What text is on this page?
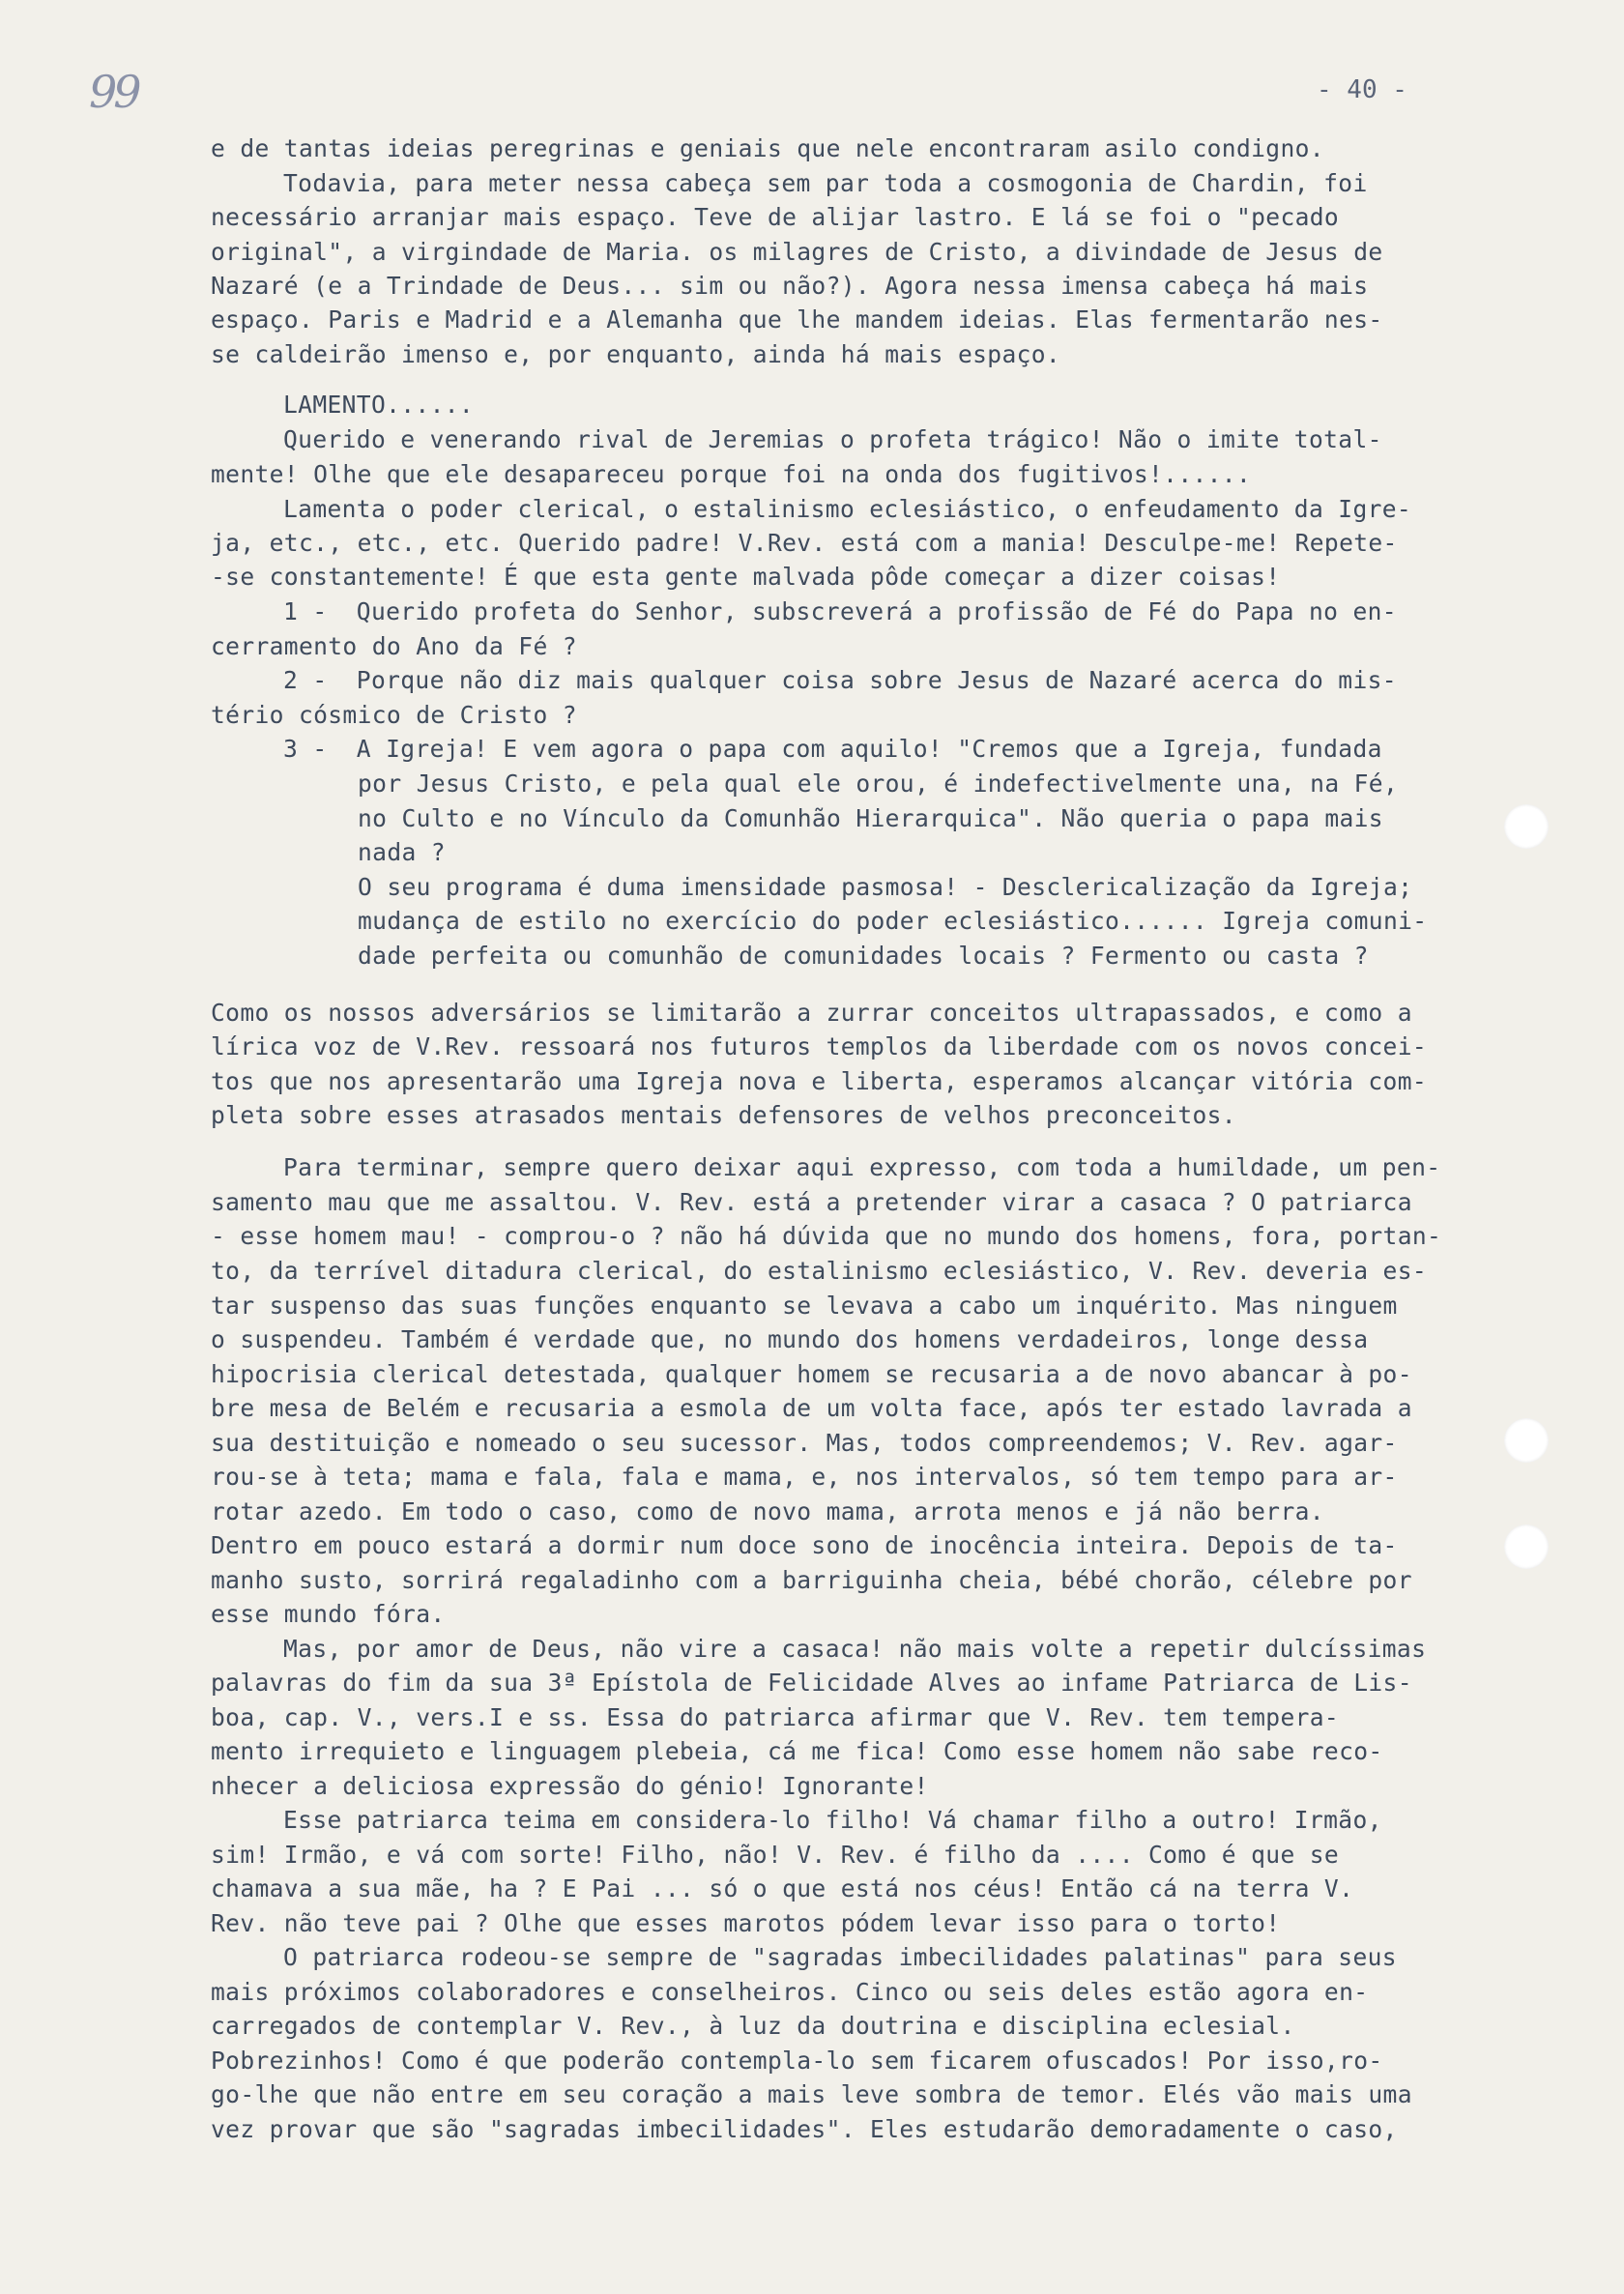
99	- 40 -
e de tantas ideias peregrinas e geniais que nele encontraram asilo condigno.
Todavia, para meter nessa cabeça sem par toda a cosmogonia de Chardin, foi
necessário arranjar mais espaço. Teve de alijar lastro. E lá se foi o "pecado
original", a virgindade de Maria. os milagres de Cristo, a divindade de Jesus de
Nazaré (e a Trindade de Deus... sim ou não?). Agora nessa imensa cabeça há mais
espaço. Paris e Madrid e a Alemanha que lhe mandem ideias. Elas fermentarão nes-
se caldeirão imenso e, por enquanto, ainda há mais espaço.
LAMENTO......
Querido e venerando rival de Jeremias o profeta trágico! Não o imite total-
mente! Olhe que ele desapareceu porque foi na onda dos fugitivos!......
Lamenta o poder clerical, o estalinismo eclesiástico, o enfeudamento da Igre-
ja, etc., etc., etc. Querido padre! V.Rev. está com a mania! Desculpe-me! Repete-
-se constantemente! É que esta gente malvada pôde começar a dizer coisas!
1 -  Querido profeta do Senhor, subscreverá a profissão de Fé do Papa no en-
cerramento do Ano da Fé ?
2 -  Porque não diz mais qualquer coisa sobre Jesus de Nazaré acerca do mis-
tério cósmico de Cristo ?
3 -  A Igreja! E vem agora o papa com aquilo! "Cremos que a Igreja, fundada
por Jesus Cristo, e pela qual ele orou, é indefectivelmente una, na Fé,
no Culto e no Vínculo da Comunhão Hierarquica". Não queria o papa mais
nada ?
O seu programa é duma imensidade pasmosa! - Desclericalização da Igreja;
mudança de estilo no exercício do poder eclesiástico...... Igreja comuni-
dade perfeita ou comunhão de comunidades locais ? Fermento ou casta ?
Como os nossos adversários se limitarão a zurrar conceitos ultrapassados, e como a
lírica voz de V.Rev. ressoará nos futuros templos da liberdade com os novos concei-
tos que nos apresentarão uma Igreja nova e liberta, esperamos alcançar vitória com-
pleta sobre esses atrasados mentais defensores de velhos preconceitos.
Para terminar, sempre quero deixar aqui expresso, com toda a humildade, um pen-
samento mau que me assaltou. V. Rev. está a pretender virar a casaca ? O patriarca
- esse homem mau! - comprou-o ? não há dúvida que no mundo dos homens, fora, portan-
to, da terrível ditadura clerical, do estalinismo eclesiástico, V. Rev. deveria es-
tar suspenso das suas funções enquanto se levava a cabo um inquérito. Mas ninguem
o suspendeu. Também é verdade que, no mundo dos homens verdadeiros, longe dessa
hipocrisia clerical detestada, qualquer homem se recusaria a de novo abancar à po-
bre mesa de Belém e recusaria a esmola de um volta face, após ter estado lavrada a
sua destituição e nomeado o seu sucessor. Mas, todos compreendemos; V. Rev. agar-
rou-se à teta; mama e fala, fala e mama, e, nos intervalos, só tem tempo para ar-
rotar azedo. Em todo o caso, como de novo mama, arrota menos e já não berra.
Dentro em pouco estará a dormir num doce sono de inocência inteira. Depois de ta-
manho susto, sorrirá regaladinho com a barriguinha cheia, bébé chorão, célebre por
esse mundo fóra.
Mas, por amor de Deus, não vire a casaca! não mais volte a repetir dulcíssimas
palavras do fim da sua 3ª Epístola de Felicidade Alves ao infame Patriarca de Lis-
boa, cap. V., vers.I e ss. Essa do patriarca afirmar que V. Rev. tem tempera-
mento irrequieto e linguagem plebeia, cá me fica! Como esse homem não sabe reco-
nhecer a deliciosa expressão do génio! Ignorante!
Esse patriarca teima em considera-lo filho! Vá chamar filho a outro! Irmão,
sim! Irmão, e vá com sorte! Filho, não! V. Rev. é filho da .... Como é que se
chamava a sua mãe, ha ? E Pai ... só o que está nos céus! Então cá na terra V.
Rev. não teve pai ? Olhe que esses marotos pódem levar isso para o torto!
O patriarca rodeou-se sempre de "sagradas imbecilidades palatinas" para seus
mais próximos colaboradores e conselheiros. Cinco ou seis deles estão agora en-
carregados de contemplar V. Rev., à luz da doutrina e disciplina eclesial.
Pobrezinhos! Como é que poderão contempla-lo sem ficarem ofuscados! Por isso,ro-
go-lhe que não entre em seu coração a mais leve sombra de temor. Elés vão mais uma
vez provar que são "sagradas imbecilidades". Eles estudarão demoradamente o caso,
